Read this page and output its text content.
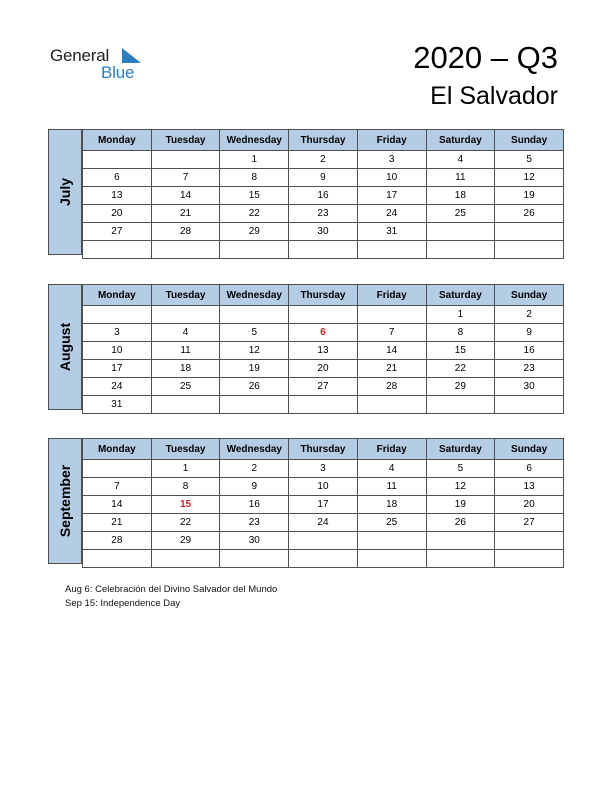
General
Blue	2020 – Q3
El Salvador
July
Monday	Tuesday	Wednesday	Thursday	Friday	Saturday	Sunday
		1	2	3	4	5
6	7	8	9	10	11	12
13	14	15	16	17	18	19
20	21	22	23	24	25	26
27	28	29	30	31		

August
Monday	Tuesday	Wednesday	Thursday	Friday	Saturday	Sunday
					1	2
3	4	5	6	7	8	9
10	11	12	13	14	15	16
17	18	19	20	21	22	23
24	25	26	27	28	29	30
31						
September
Monday	Tuesday	Wednesday	Thursday	Friday	Saturday	Sunday
	1	2	3	4	5	6
7	8	9	10	11	12	13
14	15	16	17	18	19	20
21	22	23	24	25	26	27
28	29	30				

Aug 6: Celebración del Divino Salvador del Mundo
Sep 15: Independence Day
